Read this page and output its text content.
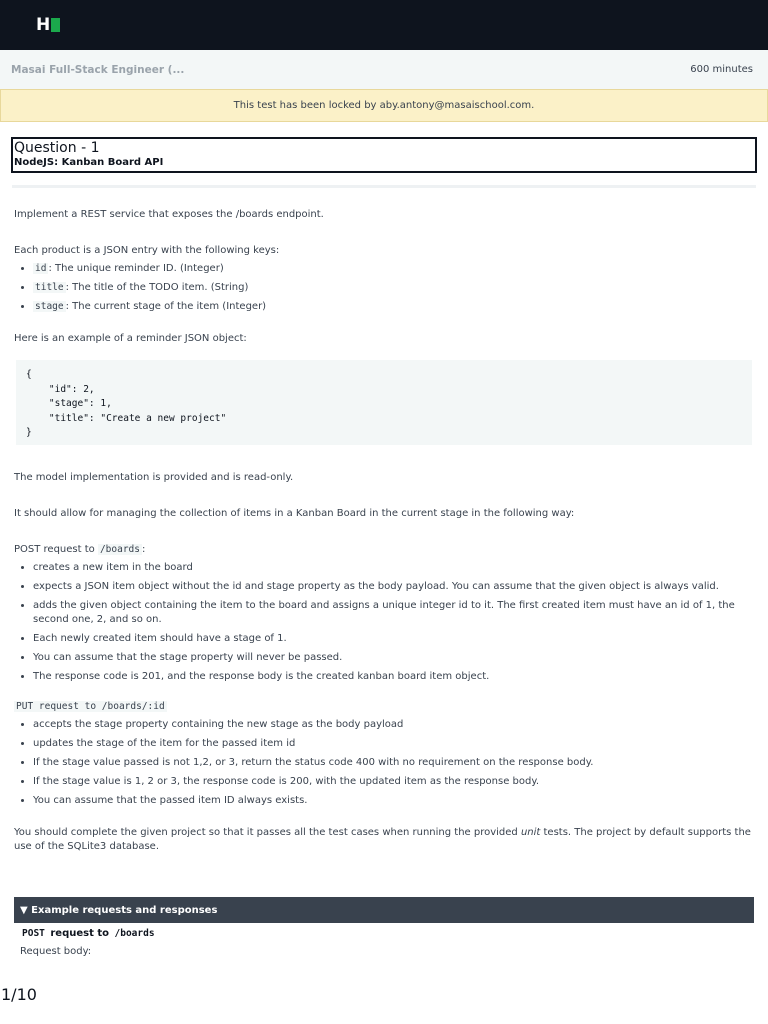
H
Masai Full-Stack Engineer (...	600 minutes
This test has been locked by aby.antony@masaischool.com.
Question - 1
NodeJS: Kanban Board API

Implement a REST service that exposes the /boards endpoint.

Each product is a JSON entry with the following keys:

• id : The unique reminder ID. (Integer)
• title : The title of the TODO item. (String)
• stage : The current stage of the item (Integer)

Here is an example of a reminder JSON object:

{
"id": 2,
"stage": 1,
"title": "Create a new project"
}

The model implementation is provided and is read-only.

It should allow for managing the collection of items in a Kanban Board in the current stage in the following way:

POST request to /boards :

• creates a new item in the board
• expects a JSON item object without the id and stage property as the body payload. You can assume that the given object is always valid.
• adds the given object containing the item to the board and assigns a unique integer id to it. The first created item must have an id of 1, the second one, 2, and so on.
• Each newly created item should have a stage of 1.
• You can assume that the stage property will never be passed.
• The response code is 201, and the response body is the created kanban board item object.

PUT request to /boards/:id

• accepts the stage property containing the new stage as the body payload
• updates the stage of the item for the passed item id
• If the stage value passed is not 1,2, or 3, return the status code 400 with no requirement on the response body.
• If the stage value is 1, 2 or 3, the response code is 200, with the updated item as the response body.
• You can assume that the passed item ID always exists.

You should complete the given project so that it passes all the test cases when running the provided unit tests. The project by default supports the use of the SQLite3 database.

▼ Example requests and responses
POST request to /boards
Request body:
1/10
